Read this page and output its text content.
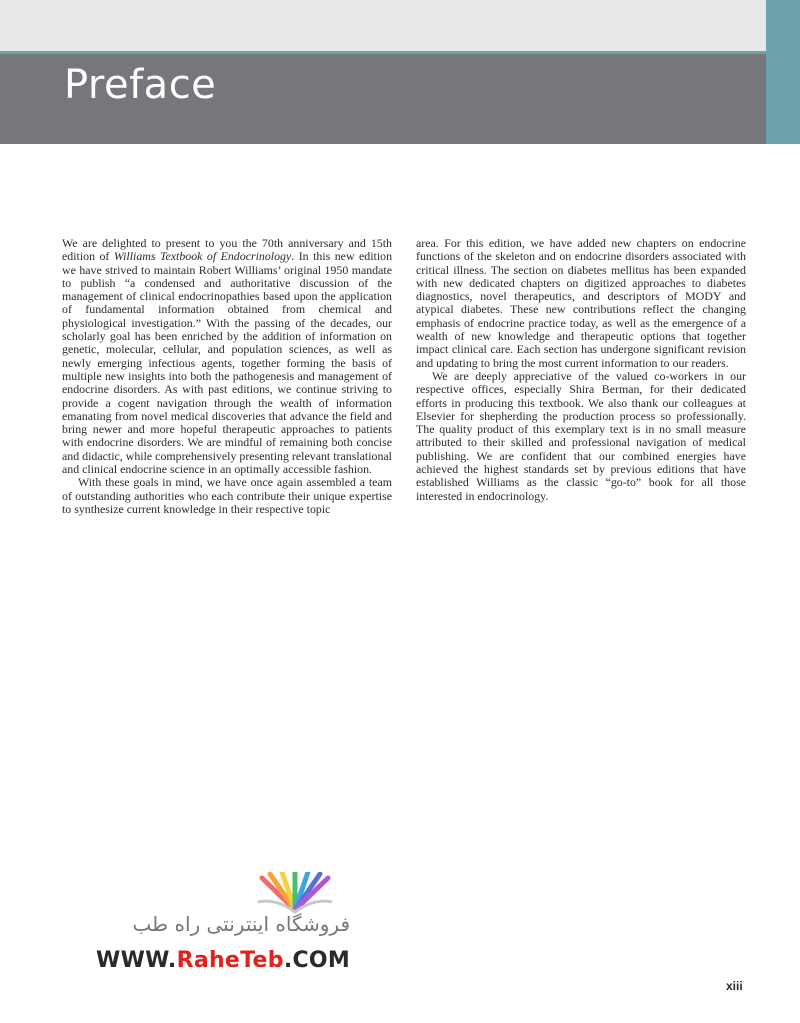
Preface

We are delighted to present to you the 70th anniversary and 15th edition of Williams Textbook of Endocrinology. In this new edition we have strived to maintain Robert Williams’ original 1950 mandate to publish “a condensed and authoritative discussion of the management of clinical endocrinopathies based upon the application of fundamental information obtained from chemical and physiological investigation.” With the passing of the decades, our scholarly goal has been enriched by the addition of information on genetic, molecular, cellular, and population sciences, as well as newly emerging infectious agents, together forming the basis of multiple new insights into both the pathogenesis and management of endocrine disorders. As with past editions, we continue striving to provide a cogent navigation through the wealth of information emanating from novel medical discoveries that advance the field and bring newer and more hopeful therapeutic approaches to patients with endocrine disorders. We are mindful of remaining both concise and didactic, while comprehensively presenting relevant translational and clinical endocrine science in an optimally accessible fashion.

With these goals in mind, we have once again assembled a team of outstanding authorities who each contribute their unique expertise to synthesize current knowledge in their respective topic

area. For this edition, we have added new chapters on endocrine functions of the skeleton and on endocrine disorders associated with critical illness. The section on diabetes mellitus has been expanded with new dedicated chapters on digitized approaches to diabetes diagnostics, novel therapeutics, and descriptors of MODY and atypical diabetes. These new contributions reflect the changing emphasis of endocrine practice today, as well as the emergence of a wealth of new knowledge and therapeutic options that together impact clinical care. Each section has undergone significant revision and updating to bring the most current information to our readers.

We are deeply appreciative of the valued co-workers in our respective offices, especially Shira Berman, for their dedicated efforts in producing this textbook. We also thank our colleagues at Elsevier for shepherding the production process so professionally. The quality product of this exemplary text is in no small measure attributed to their skilled and professional navigation of medical publishing. We are confident that our combined energies have achieved the highest standards set by previous editions that have established Williams as the classic “go-to” book for all those interested in endocrinology.

فروشگاه اینترنتی راه طب
WWW.RaheTeb.COM
xiii
